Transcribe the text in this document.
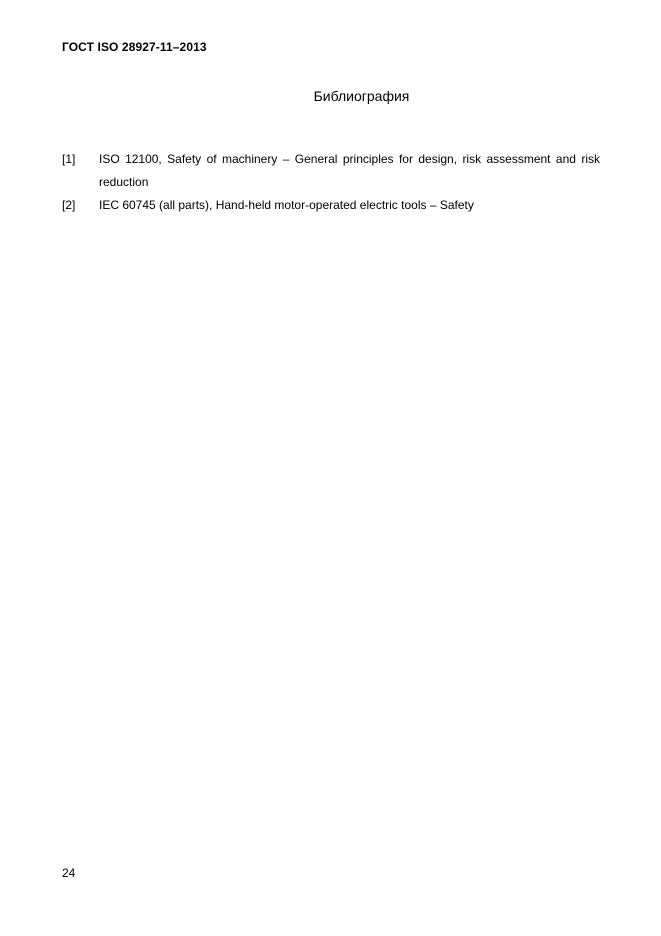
ГОСТ ISO 28927-11–2013
Библиография
[1]	ISO 12100, Safety of machinery – General principles for design, risk assessment and risk reduction
[2]	IEC 60745 (all parts), Hand-held motor-operated electric tools – Safety
24
